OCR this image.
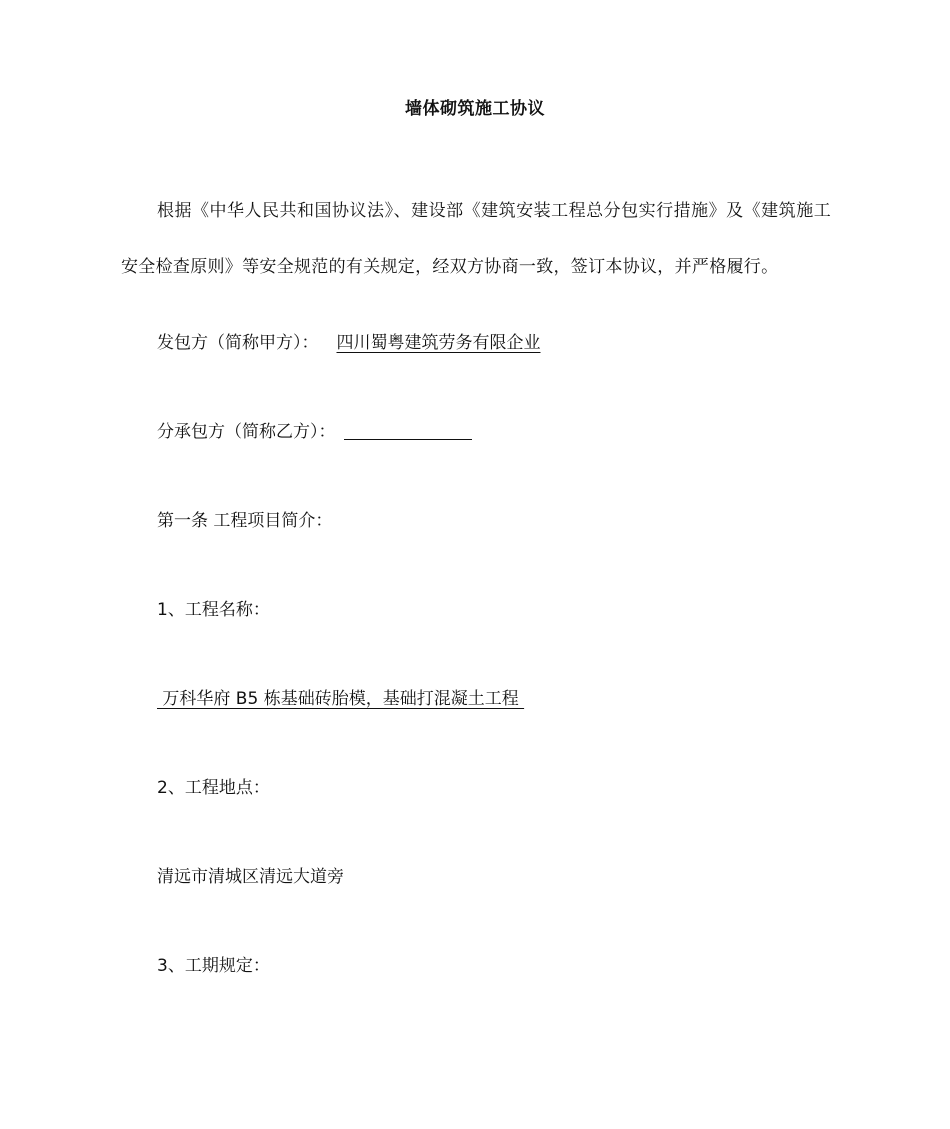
墙体砌筑施工协议
根据《中华人民共和国协议法》、建设部《建筑安装工程总分包实行措施》及《建筑施工安全检查原则》等安全规范的有关规定，经双方协商一致，签订本协议，并严格履行。
发包方（简称甲方）： 四川蜀粤建筑劳务有限企业
分承包方（简称乙方）：
第一条 工程项目简介：
1、工程名称：
万科华府 B5 栋基础砖胎模，基础打混凝土工程
2、工程地点：
清远市清城区清远大道旁
3、工期规定：
